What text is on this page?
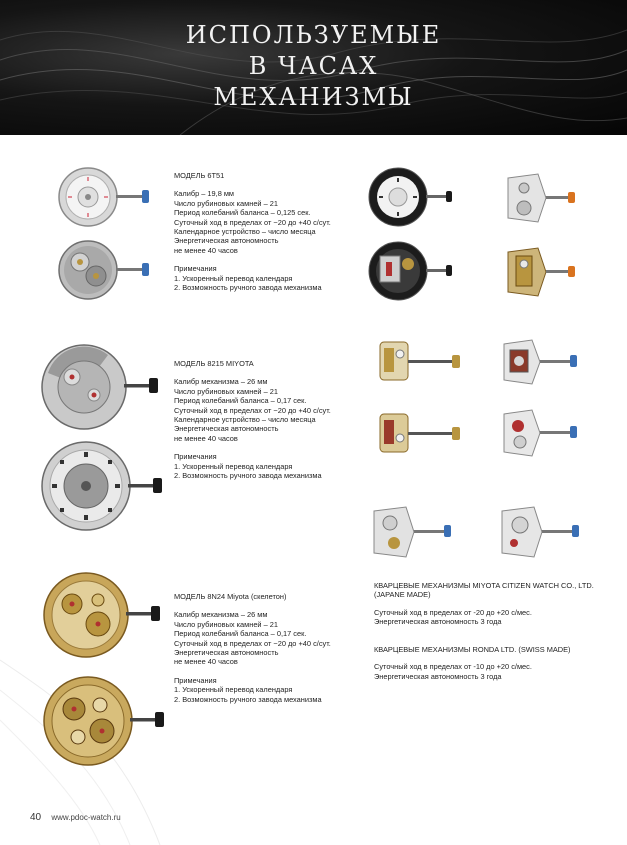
ИСПОЛЬЗУЕМЫЕ
В ЧАСАХ
МЕХАНИЗМЫ
МОДЕЛЬ 6T51
Калибр – 19,8 мм
Число рубиновых камней – 21
Период колебаний баланса – 0,125 сек.
Суточный ход в пределах от −20 до +40 с/сут.
Календарное устройство – число месяца
Энергетическая автономность
не менее 40 часов
Примечания
1. Ускоренный перевод календаря
2. Возможность ручного завода механизма
МОДЕЛЬ 8215 MIYOTA
Калибр механизма – 26 мм
Число рубиновых камней – 21
Период колебаний баланса – 0,17 сек.
Суточный ход в пределах от −20 до +40 с/сут.
Календарное устройство – число месяца
Энергетическая автономность
не менее 40 часов
Примечания
1. Ускоренный перевод календаря
2. Возможность ручного завода механизма
МОДЕЛЬ 8N24 Miyota (скелетон)
Калибр механизма – 26 мм
Число рубиновых камней – 21
Период колебаний баланса – 0,17 сек.
Суточный ход в пределах от −20 до +40 с/сут.
Энергетическая автономность
не менее 40 часов
Примечания
1. Ускоренный перевод календаря
2. Возможность ручного завода механизма
КВАРЦЕВЫЕ МЕХАНИЗМЫ MIYOTA CITIZEN WATCH CO., LTD.
(JAPANE MADE)
Суточный ход в пределах от -20 до +20 с/мес.
Энергетическая автономность 3 года
КВАРЦЕВЫЕ МЕХАНИЗМЫ RONDA LTD. (SWISS MADE)
Суточный ход в пределах от -10 до +20 с/мес.
Энергетическая автономность 3 года
40 www.pdoc-watch.ru
